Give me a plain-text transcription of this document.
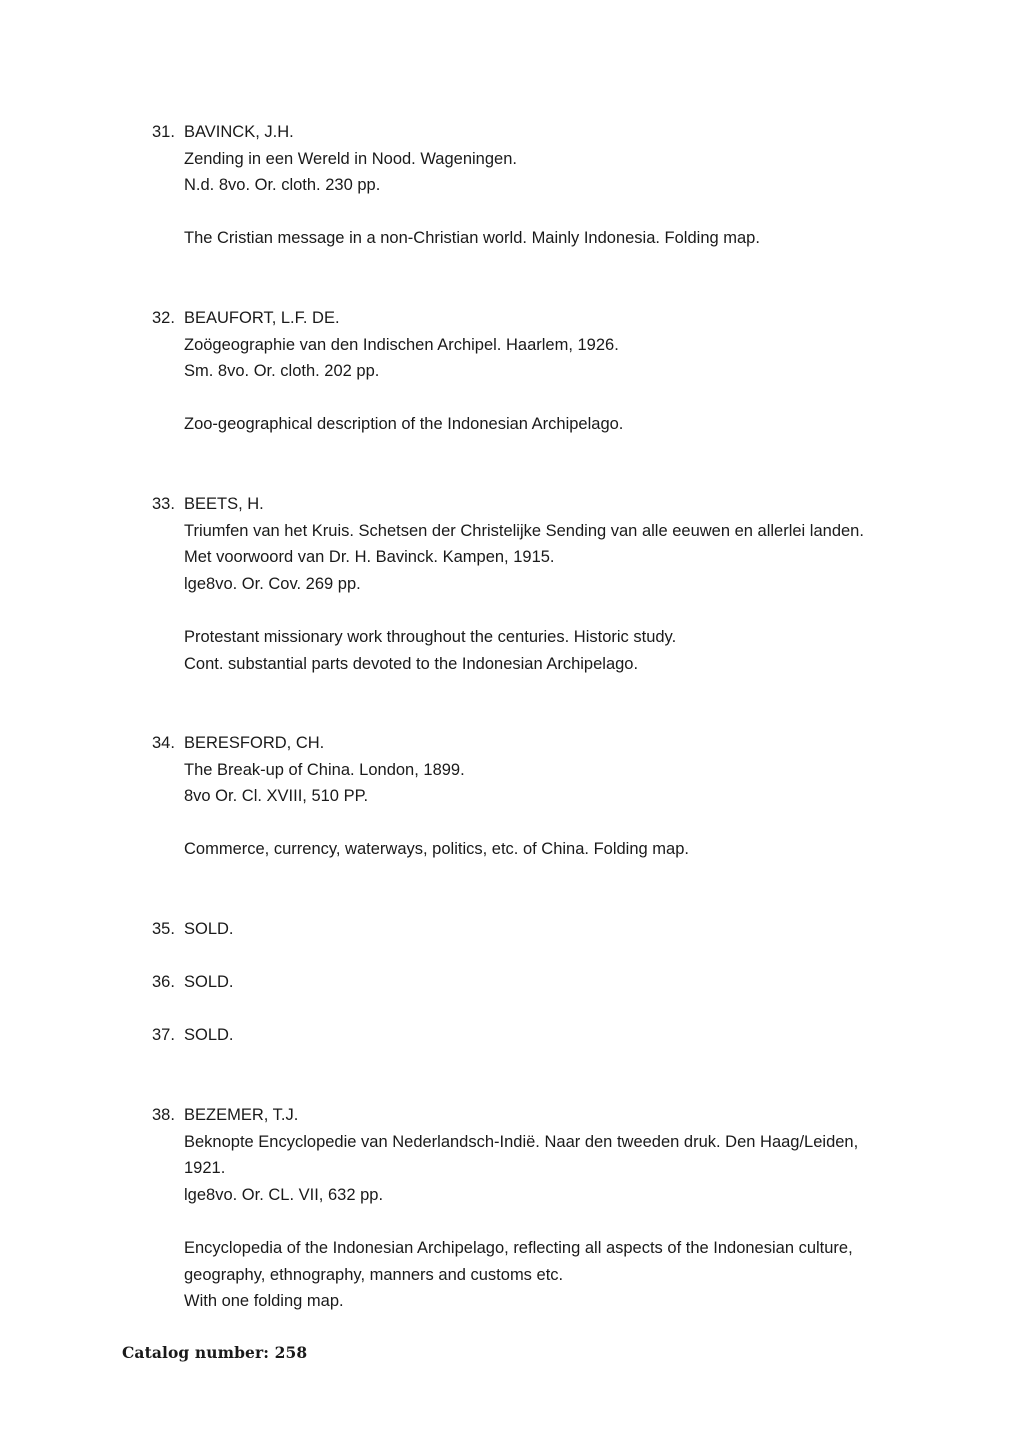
31. BAVINCK, J.H.
Zending in een Wereld in Nood. Wageningen.
N.d. 8vo. Or. cloth. 230 pp.
The Cristian message in a non-Christian world. Mainly Indonesia. Folding map.
32. BEAUFORT, L.F. DE.
Zoögeographie van den Indischen Archipel. Haarlem, 1926.
Sm. 8vo. Or. cloth. 202 pp.
Zoo-geographical description of the Indonesian Archipelago.
33. BEETS, H.
Triumfen van het Kruis. Schetsen der Christelijke Sending van alle eeuwen en allerlei landen.
Met voorwoord van Dr. H. Bavinck. Kampen, 1915.
lge8vo. Or. Cov. 269 pp.
Protestant missionary work throughout the centuries. Historic study.
Cont. substantial parts devoted to the Indonesian Archipelago.
34. BERESFORD, CH.
The Break-up of China. London, 1899.
8vo Or. Cl. XVIII, 510 PP.
Commerce, currency, waterways, politics, etc. of China. Folding map.
35. SOLD.
36. SOLD.
37. SOLD.
38. BEZEMER, T.J.
Beknopte Encyclopedie van Nederlandsch-Indië. Naar den tweeden druk. Den Haag/Leiden,
1921.
lge8vo. Or. CL. VII, 632 pp.
Encyclopedia of the Indonesian Archipelago, reflecting all aspects of the Indonesian culture,
geography, ethnography, manners and customs etc.
With one folding map.
Catalog number: 258
